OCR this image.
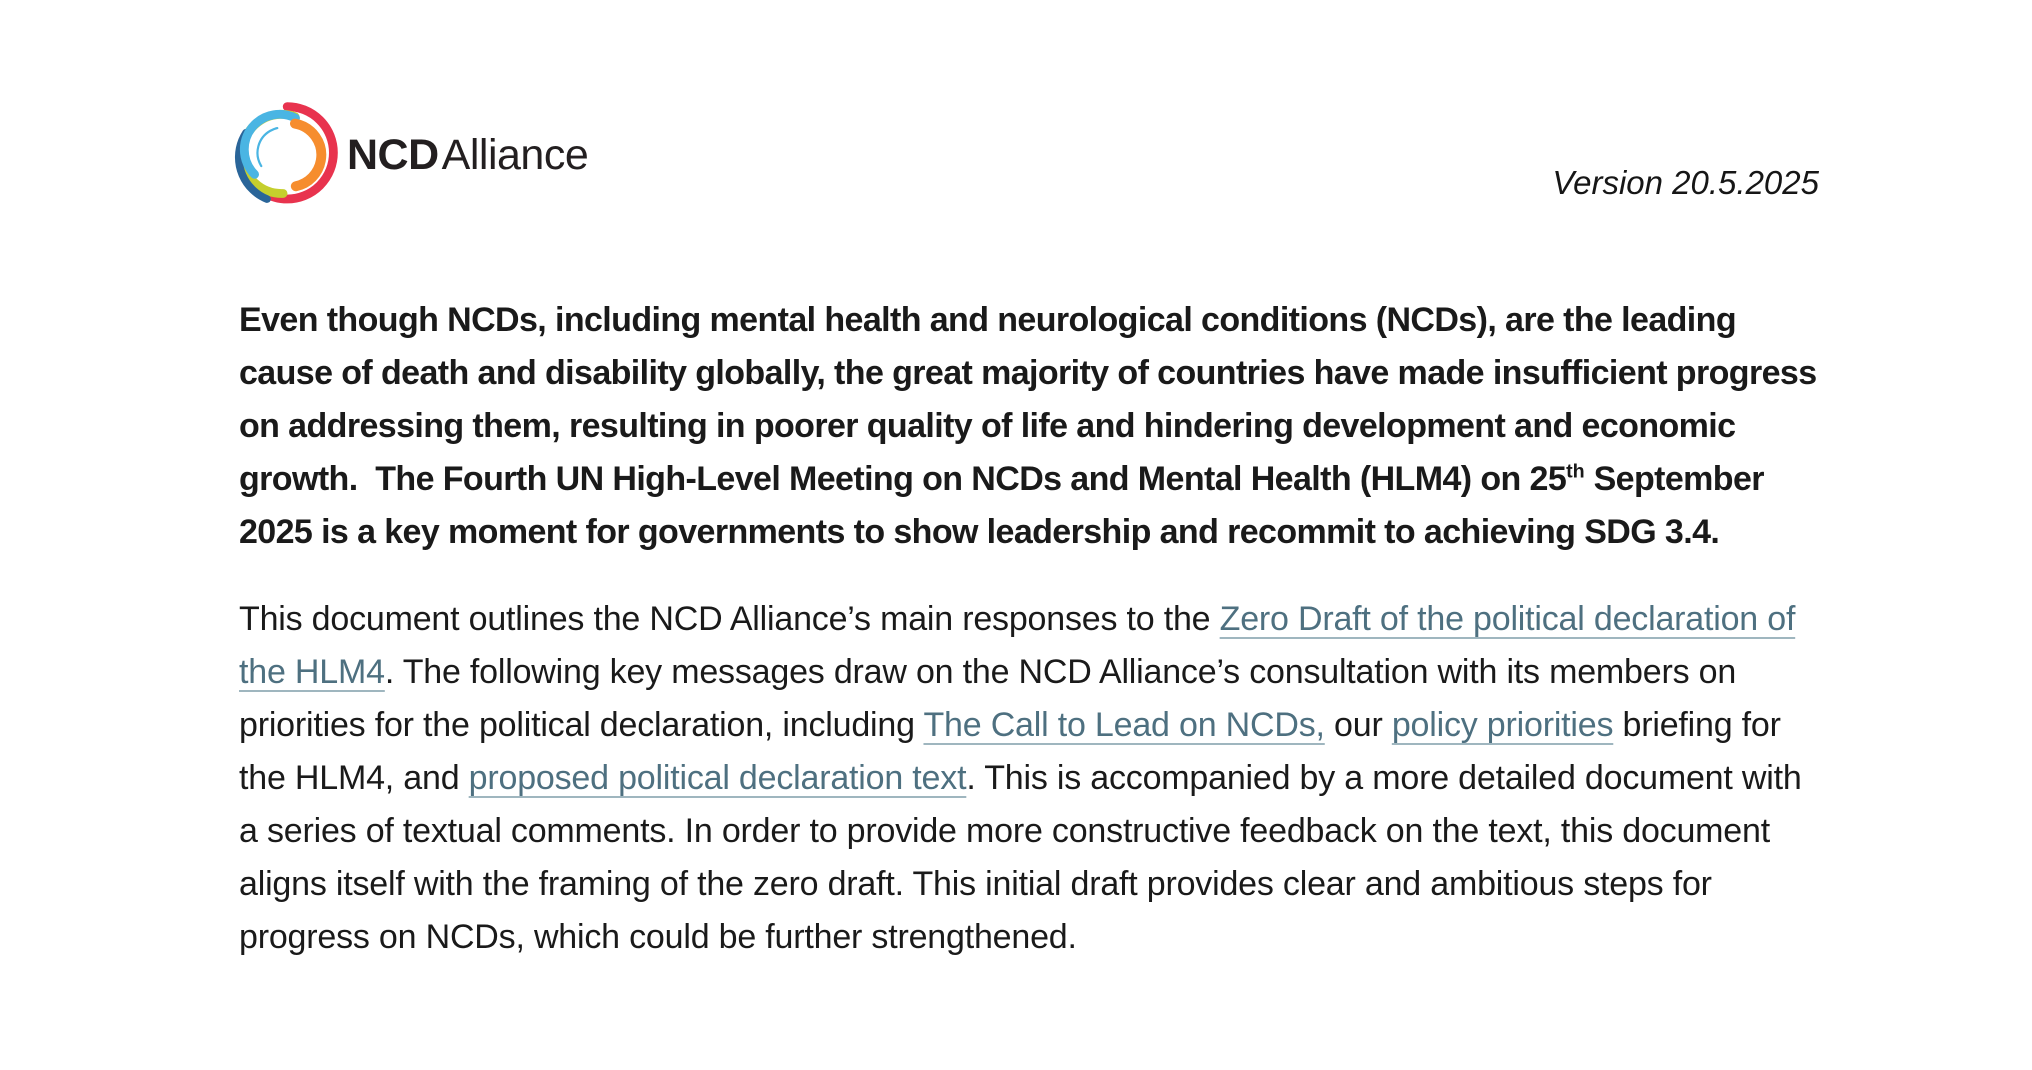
NCDAlliance
Version 20.5.2025

Even though NCDs, including mental health and neurological conditions (NCDs), are the leading cause of death and disability globally, the great majority of countries have made insufficient progress on addressing them, resulting in poorer quality of life and hindering development and economic growth.  The Fourth UN High-Level Meeting on NCDs and Mental Health (HLM4) on 25th September 2025 is a key moment for governments to show leadership and recommit to achieving SDG 3.4.

This document outlines the NCD Alliance’s main responses to the Zero Draft of the political declaration of the HLM4. The following key messages draw on the NCD Alliance’s consultation with its members on priorities for the political declaration, including The Call to Lead on NCDs, our policy priorities briefing for the HLM4, and proposed political declaration text. This is accompanied by a more detailed document with a series of textual comments. In order to provide more constructive feedback on the text, this document aligns itself with the framing of the zero draft. This initial draft provides clear and ambitious steps for progress on NCDs, which could be further strengthened.
